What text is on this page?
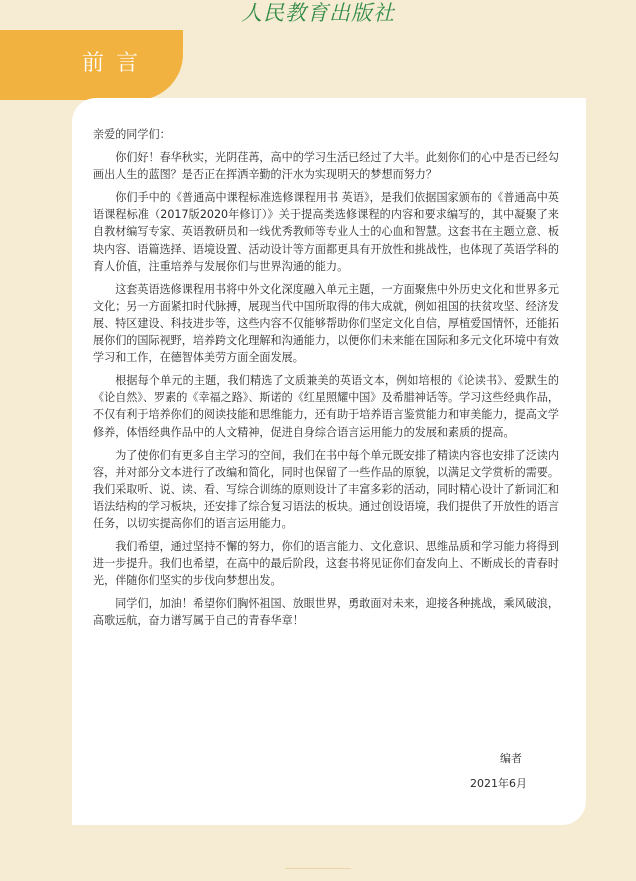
人民教育出版社
前言

亲爱的同学们：

你们好！春华秋实，光阴荏苒，高中的学习生活已经过了大半。此刻你们的心中是否已经勾画出人生的蓝图？是否正在挥洒辛勤的汗水为实现明天的梦想而努力？

你们手中的《普通高中课程标准选修课程用书 英语》，是我们依据国家颁布的《普通高中英语课程标准（2017版2020年修订）》关于提高类选修课程的内容和要求编写的，其中凝聚了来自教材编写专家、英语教研员和一线优秀教师等专业人士的心血和智慧。这套书在主题立意、板块内容、语篇选择、语境设置、活动设计等方面都更具有开放性和挑战性，也体现了英语学科的育人价值，注重培养与发展你们与世界沟通的能力。

这套英语选修课程用书将中外文化深度融入单元主题，一方面聚焦中外历史文化和世界多元文化；另一方面紧扣时代脉搏，展现当代中国所取得的伟大成就，例如祖国的扶贫攻坚、经济发展、特区建设、科技进步等，这些内容不仅能够帮助你们坚定文化自信，厚植爱国情怀，还能拓展你们的国际视野，培养跨文化理解和沟通能力，以便你们未来能在国际和多元文化环境中有效学习和工作，在德智体美劳方面全面发展。

根据每个单元的主题，我们精选了文质兼美的英语文本，例如培根的《论读书》、爱默生的《论自然》、罗素的《幸福之路》、斯诺的《红星照耀中国》及希腊神话等。学习这些经典作品，不仅有利于培养你们的阅读技能和思维能力，还有助于培养语言鉴赏能力和审美能力，提高文学修养，体悟经典作品中的人文精神，促进自身综合语言运用能力的发展和素质的提高。

为了使你们有更多自主学习的空间，我们在书中每个单元既安排了精读内容也安排了泛读内容，并对部分文本进行了改编和简化，同时也保留了一些作品的原貌，以满足文学赏析的需要。我们采取听、说、读、看、写综合训练的原则设计了丰富多彩的活动，同时精心设计了新词汇和语法结构的学习板块，还安排了综合复习语法的板块。通过创设语境，我们提供了开放性的语言任务，以切实提高你们的语言运用能力。

我们希望，通过坚持不懈的努力，你们的语言能力、文化意识、思维品质和学习能力将得到进一步提升。我们也希望，在高中的最后阶段，这套书将见证你们奋发向上、不断成长的青春时光，伴随你们坚实的步伐向梦想出发。

同学们，加油！希望你们胸怀祖国、放眼世界，勇敢面对未来，迎接各种挑战，乘风破浪，高歌远航，奋力谱写属于自己的青春华章！

编者
2021年6月
